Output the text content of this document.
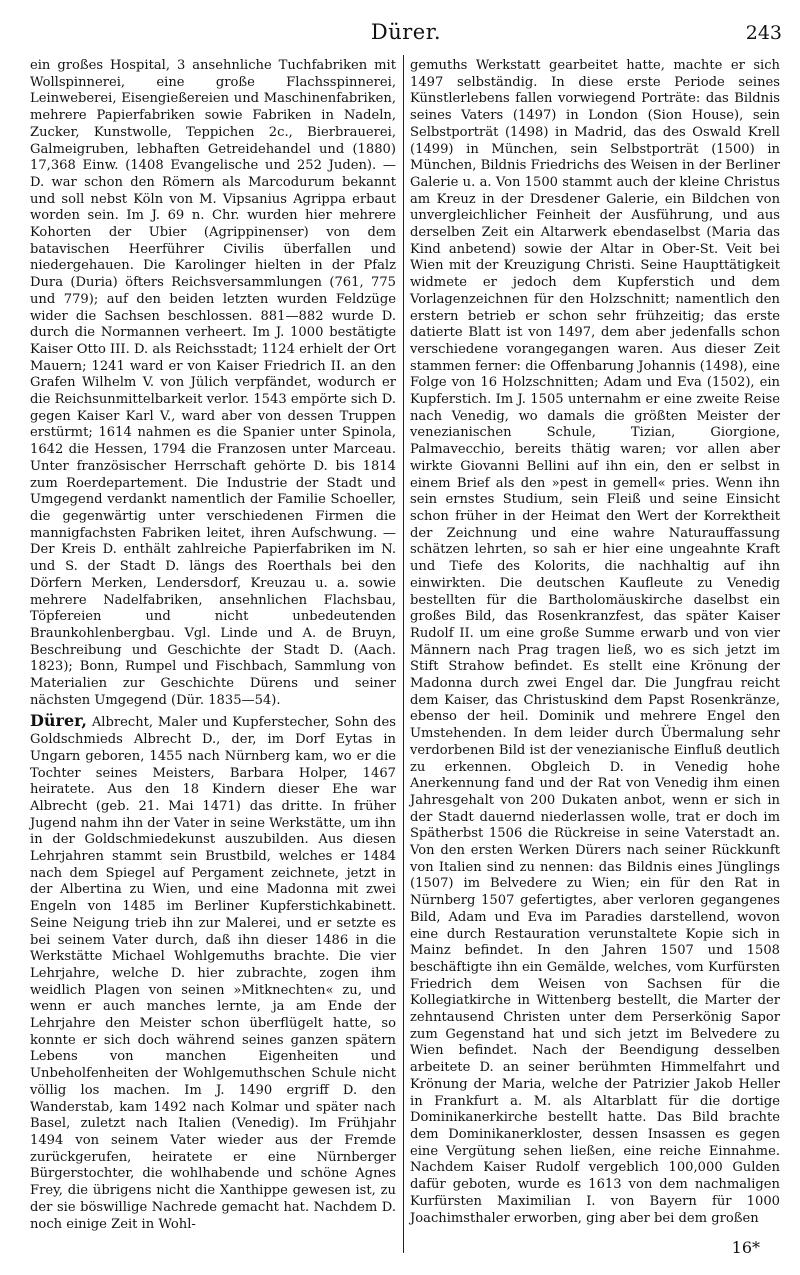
Dürer.	243

ein großes Hospital, 3 ansehnliche Tuchfabriken mit Wollspinnerei, eine große Flachsspinnerei, Leinweberei, Eisengießereien und Maschinenfabriken, mehrere Papierfabriken sowie Fabriken in Nadeln, Zucker, Kunstwolle, Teppichen 2c., Bierbrauerei, Galmeigruben, lebhaften Getreidehandel und (1880) 17,368 Einw. (1408 Evangelische und 252 Juden). — D. war schon den Römern als Marcodurum bekannt und soll nebst Köln von M. Vipsanius Agrippa erbaut worden sein. Im J. 69 n. Chr. wurden hier mehrere Kohorten der Ubier (Agrippinenser) von dem batavischen Heerführer Civilis überfallen und niedergehauen. Die Karolinger hielten in der Pfalz Dura (Duria) öfters Reichsversammlungen (761, 775 und 779); auf den beiden letzten wurden Feldzüge wider die Sachsen beschlossen. 881—882 wurde D. durch die Normannen verheert. Im J. 1000 bestätigte Kaiser Otto III. D. als Reichsstadt; 1124 erhielt der Ort Mauern; 1241 ward er von Kaiser Friedrich II. an den Grafen Wilhelm V. von Jülich verpfändet, wodurch er die Reichsunmittelbarkeit verlor. 1543 empörte sich D. gegen Kaiser Karl V., ward aber von dessen Truppen erstürmt; 1614 nahmen es die Spanier unter Spinola, 1642 die Hessen, 1794 die Franzosen unter Marceau. Unter französischer Herrschaft gehörte D. bis 1814 zum Roerdepartement. Die Industrie der Stadt und Umgegend verdankt namentlich der Familie Schoeller, die gegenwärtig unter verschiedenen Firmen die mannigfachsten Fabriken leitet, ihren Aufschwung. — Der Kreis D. enthält zahlreiche Papierfabriken im N. und S. der Stadt D. längs des Roerthals bei den Dörfern Merken, Lendersdorf, Kreuzau u. a. sowie mehrere Nadelfabriken, ansehnlichen Flachsbau, Töpfereien und nicht unbedeutenden Braunkohlenbergbau. Vgl. Linde und A. de Bruyn, Beschreibung und Geschichte der Stadt D. (Aach. 1823); Bonn, Rumpel und Fischbach, Sammlung von Materialien zur Geschichte Dürens und seiner nächsten Umgegend (Dür. 1835—54).

Dürer, Albrecht, Maler und Kupferstecher, Sohn des Goldschmieds Albrecht D., der, im Dorf Eytas in Ungarn geboren, 1455 nach Nürnberg kam, wo er die Tochter seines Meisters, Barbara Holper, 1467 heiratete. Aus den 18 Kindern dieser Ehe war Albrecht (geb. 21. Mai 1471) das dritte. In früher Jugend nahm ihn der Vater in seine Werkstätte, um ihn in der Goldschmiedekunst auszubilden. Aus diesen Lehrjahren stammt sein Brustbild, welches er 1484 nach dem Spiegel auf Pergament zeichnete, jetzt in der Albertina zu Wien, und eine Madonna mit zwei Engeln von 1485 im Berliner Kupferstichkabinett. Seine Neigung trieb ihn zur Malerei, und er setzte es bei seinem Vater durch, daß ihn dieser 1486 in die Werkstätte Michael Wohlgemuths brachte. Die vier Lehrjahre, welche D. hier zubrachte, zogen ihm weidlich Plagen von seinen »Mitknechten« zu, und wenn er auch manches lernte, ja am Ende der Lehrjahre den Meister schon überflügelt hatte, so konnte er sich doch während seines ganzen spätern Lebens von manchen Eigenheiten und Unbeholfenheiten der Wohlgemuthschen Schule nicht völlig los machen. Im J. 1490 ergriff D. den Wanderstab, kam 1492 nach Kolmar und später nach Basel, zuletzt nach Italien (Venedig). Im Frühjahr 1494 von seinem Vater wieder aus der Fremde zurückgerufen, heiratete er eine Nürnberger Bürgerstochter, die wohlhabende und schöne Agnes Frey, die übrigens nicht die Xanthippe gewesen ist, zu der sie böswillige Nachrede gemacht hat. Nachdem D. noch einige Zeit in Wohl-

gemuths Werkstatt gearbeitet hatte, machte er sich 1497 selbständig. In diese erste Periode seines Künstlerlebens fallen vorwiegend Porträte: das Bildnis seines Vaters (1497) in London (Sion House), sein Selbstporträt (1498) in Madrid, das des Oswald Krell (1499) in München, sein Selbstporträt (1500) in München, Bildnis Friedrichs des Weisen in der Berliner Galerie u. a. Von 1500 stammt auch der kleine Christus am Kreuz in der Dresdener Galerie, ein Bildchen von unvergleichlicher Feinheit der Ausführung, und aus derselben Zeit ein Altarwerk ebendaselbst (Maria das Kind anbetend) sowie der Altar in Ober-St. Veit bei Wien mit der Kreuzigung Christi. Seine Haupttätigkeit widmete er jedoch dem Kupferstich und dem Vorlagenzeichnen für den Holzschnitt; namentlich den erstern betrieb er schon sehr frühzeitig; das erste datierte Blatt ist von 1497, dem aber jedenfalls schon verschiedene vorangegangen waren. Aus dieser Zeit stammen ferner: die Offenbarung Johannis (1498), eine Folge von 16 Holzschnitten; Adam und Eva (1502), ein Kupferstich. Im J. 1505 unternahm er eine zweite Reise nach Venedig, wo damals die größten Meister der venezianischen Schule, Tizian, Giorgione, Palmavecchio, bereits thätig waren; vor allen aber wirkte Giovanni Bellini auf ihn ein, den er selbst in einem Brief als den »pest in gemell« pries. Wenn ihn sein ernstes Studium, sein Fleiß und seine Einsicht schon früher in der Heimat den Wert der Korrektheit der Zeichnung und eine wahre Naturauffassung schätzen lehrten, so sah er hier eine ungeahnte Kraft und Tiefe des Kolorits, die nachhaltig auf ihn einwirkten. Die deutschen Kaufleute zu Venedig bestellten für die Bartholomäuskirche daselbst ein großes Bild, das Rosenkranzfest, das später Kaiser Rudolf II. um eine große Summe erwarb und von vier Männern nach Prag tragen ließ, wo es sich jetzt im Stift Strahow befindet. Es stellt eine Krönung der Madonna durch zwei Engel dar. Die Jungfrau reicht dem Kaiser, das Christuskind dem Papst Rosenkränze, ebenso der heil. Dominik und mehrere Engel den Umstehenden. In dem leider durch Übermalung sehr verdorbenen Bild ist der venezianische Einfluß deutlich zu erkennen. Obgleich D. in Venedig hohe Anerkennung fand und der Rat von Venedig ihm einen Jahresgehalt von 200 Dukaten anbot, wenn er sich in der Stadt dauernd niederlassen wolle, trat er doch im Spätherbst 1506 die Rückreise in seine Vaterstadt an. Von den ersten Werken Dürers nach seiner Rückkunft von Italien sind zu nennen: das Bildnis eines Jünglings (1507) im Belvedere zu Wien; ein für den Rat in Nürnberg 1507 gefertigtes, aber verloren gegangenes Bild, Adam und Eva im Paradies darstellend, wovon eine durch Restauration verunstaltete Kopie sich in Mainz befindet. In den Jahren 1507 und 1508 beschäftigte ihn ein Gemälde, welches, vom Kurfürsten Friedrich dem Weisen von Sachsen für die Kollegiatkirche in Wittenberg bestellt, die Marter der zehntausend Christen unter dem Perserkönig Sapor zum Gegenstand hat und sich jetzt im Belvedere zu Wien befindet. Nach der Beendigung desselben arbeitete D. an seiner berühmten Himmelfahrt und Krönung der Maria, welche der Patrizier Jakob Heller in Frankfurt a. M. als Altarblatt für die dortige Dominikanerkirche bestellt hatte. Das Bild brachte dem Dominikanerkloster, dessen Insassen es gegen eine Vergütung sehen ließen, eine reiche Einnahme. Nachdem Kaiser Rudolf vergeblich 100,000 Gulden dafür geboten, wurde es 1613 von dem nachmaligen Kurfürsten Maximilian I. von Bayern für 1000 Joachimsthaler erworben, ging aber bei dem großen

16*
